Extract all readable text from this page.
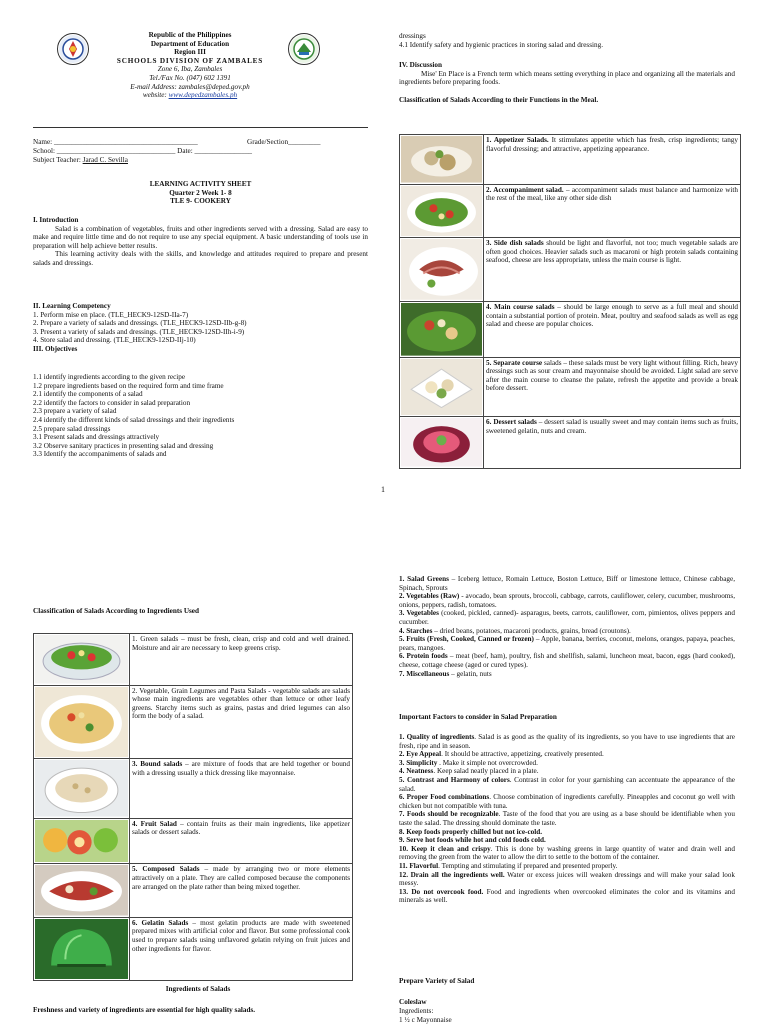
Republic of the Philippines

Department of Education

Region III

SCHOOLS DIVISION OF ZAMBALES

Zone 6, Iba, Zambales

Tel./Fax No. (047) 602 1391

E-mail Address: zambales@deped.gov.ph

website: www.depedzambales.ph

Name: ________________________________________	Grade/Section_________

School: _________________________________ Date: ________________

Subject Teacher: Jarad C. Sevilla

LEARNING ACTIVITY SHEET

Quarter 2 Week 1- 8

TLE 9- COOKERY

I. Introduction

Salad is a combination of vegetables, fruits and other ingredients served with a dressing. Salad are easy to make and require little time and do not require to use any special equipment. A basic understanding of tools use in preparation will help achieve better results.

This learning activity deals with the skills, and knowledge and attitudes required to prepare and present salads and dressings.

II. Learning Competency

1. Perform mise en place. (TLE_HECK9-12SD-IIa-7)

2. Prepare a variety of salads and dressings. (TLE_HECK9-12SD-IIb-g-8)

3. Present a variety of salads and dressings. (TLE_HECK9-12SD-IIh-i-9)

4. Store salad and dressing. (TLE_HECK9-12SD-IIj-10)

III. Objectives

1.1 identify ingredients according to the given recipe

1.2 prepare ingredients based on the required form and time frame

2.1 identify the components of a salad

2.2 identify the factors to consider in salad preparation

2.3 prepare a variety of salad

2.4 identify the different kinds of salad dressings and their ingredients

2.5 prepare salad dressings

3.1 Present salads and dressings attractively

3.2 Observe sanitary practices in presenting salad and dressing

3.3 Identify the accompaniments of salads and

dressings

4.1 Identify safety and hygienic practices in storing salad and dressing.

IV. Discussion

Mise' En Place is a French term which means setting everything in place and organizing all the materials and ingredients before preparing foods.

Classification of Salads According to their Functions in the Meal.

	1. Appetizer Salads. It stimulates appetite which has fresh, crisp ingredients; tangy flavorful dressing; and attractive, appetizing appearance.

	2. Accompaniment salad. – accompaniment salads must balance and harmonize with the rest of the meal, like any other side dish

	3. Side dish salads should be light and flavorful, not too; much vegetable salads are often good choices. Heavier salads such as macaroni or high protein salads containing seafood, cheese are less appropriate, unless the main course is light.

	4. Main course salads – should be large enough to serve as a full meal and should contain a substantial portion of protein. Meat, poultry and seafood salads as well as egg salad and cheese are popular choices.

	5. Separate course salads – these salads must be very light without filling. Rich, heavy dressings such as sour cream and mayonnaise should be avoided. Light salad are serve after the main course to cleanse the palate, refresh the appetite and provide a break before dessert.

	6. Dessert salads – dessert salad is usually sweet and may contain items such as fruits, sweetened gelatin, nuts and cream.

1

Classification of Salads According to Ingredients Used

	1. Green salads – must be fresh, clean, crisp and cold and well drained. Moisture and air are necessary to keep greens crisp.

	2. Vegetable, Grain Legumes and Pasta Salads - vegetable salads are salads whose main ingredients are vegetables other than lettuce or other leafy greens. Starchy items such as grains, pastas and dried legumes can also form the body of a salad.

	3. Bound salads – are mixture of foods that are held together or bound with a dressing usually a thick dressing like mayonnaise.

	4. Fruit Salad – contain fruits as their main ingredients, like appetizer salads or dessert salads.

	5. Composed Salads – made by arranging two or more elements attractively on a plate. They are called composed because the components are arranged on the plate rather than being mixed together.

	6. Gelatin Salads – most gelatin products are made with sweetened prepared mixes with artificial color and flavor. But some professional cook used to prepare salads using unflavored gelatin relying on fruit juices and other ingredients for flavor.

Ingredients of Salads

Freshness and variety of ingredients are essential for high quality salads.

1. Salad Greens – Iceberg lettuce, Romain Lettuce, Boston Lettuce, Biff or limestone lettuce, Chinese cabbage, Spinach, Sprouts

2. Vegetables (Raw) - avocado, bean sprouts, broccoli, cabbage, carrots, cauliflower, celery, cucumber, mushrooms, onions, peppers, radish, tomatoes.

3. Vegetables (cooked, pickled, canned)- asparagus, beets, carrots, cauliflower, corn, pimientos, olives peppers and cucumber.

4. Starches – dried beans, potatoes, macaroni products, grains, bread (croutons).

5. Fruits (Fresh, Cooked, Canned or frozen) – Apple, banana, berries, coconut, melons, oranges, papaya, peaches, pears, mangoes.

6. Protein foods – meat (beef, ham), poultry, fish and shellfish, salami, luncheon meat, bacon, eggs (hard cooked), cheese, cottage cheese (aged or cured types).

7. Miscellaneous – gelatin, nuts

Important Factors to consider in Salad Preparation

1. Quality of ingredients. Salad is as good as the quality of its ingredients, so you have to use ingredients that are fresh, ripe and in season.

2. Eye Appeal. It should be attractive, appetizing, creatively presented.

3. Simplicity . Make it simple not overcrowded.

4. Neatness. Keep salad neatly placed in a plate.

5. Contrast and Harmony of colors. Contrast in color for your garnishing can accentuate the appearance of the salad.

6. Proper Food combinations. Choose combination of ingredients carefully. Pineapples and coconut go well with chicken but not compatible with tuna.

7. Foods should be recognizable. Taste of the food that you are using as a base should be identifiable when you taste the salad. The dressing should dominate the taste.

8. Keep foods properly chilled but not ice-cold.

9. Serve hot foods while hot and cold foods cold.

10. Keep it clean and crispy. This is done by washing greens in large quantity of water and drain well and removing the green from the water to allow the dirt to settle to the bottom of the container.

11. Flavorful. Tempting and stimulating if prepared and presented properly.

12. Drain all the ingredients well. Water or excess juices will weaken dressings and will make your salad look messy.

13. Do not overcook food. Food and ingredients when overcooked eliminates the color and its vitamins and minerals as well.

Prepare Variety of Salad

Coleslaw

Ingredients:

1 ½ c Mayonnaise
